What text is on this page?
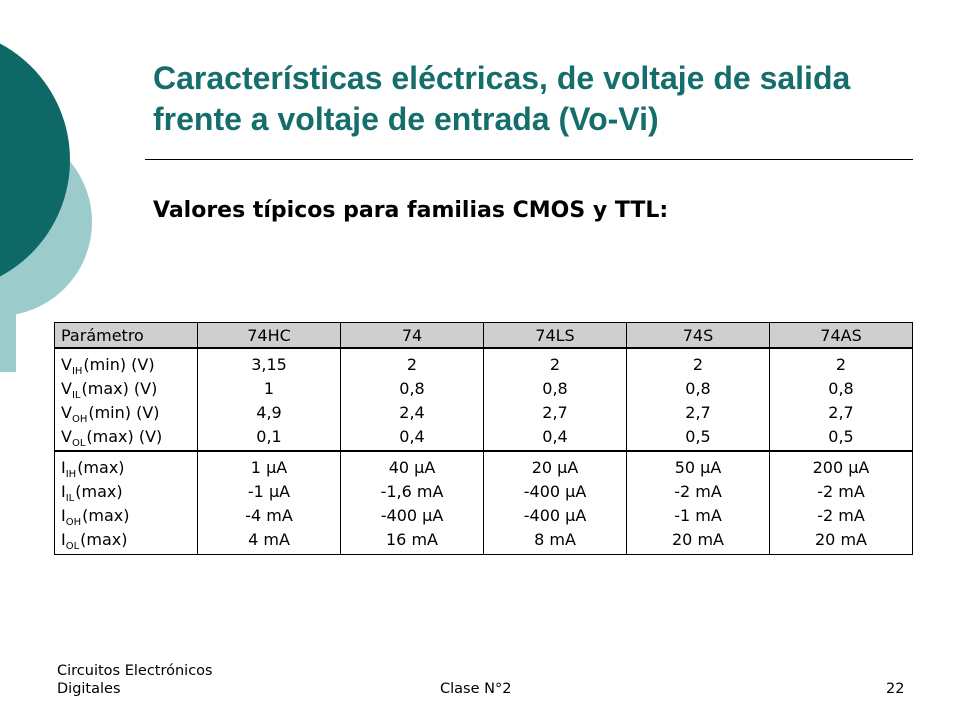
Características eléctricas, de voltaje de salida frente a voltaje de entrada (Vo-Vi)
Valores típicos para familias CMOS y TTL:
Parámetro	74HC	74	74LS	74S	74AS
$V_{IH}(\min)$ (V)	3,15	2	2	2	2
$V_{IL}(\max)$ (V)	1	0,8	0,8	0,8	0,8
$V_{OH}(\min)$ (V)	4,9	2,4	2,7	2,7	2,7
$V_{OL}(\max)$ (V)	0,1	0,4	0,4	0,5	0,5
$I_{IH}(\max)$	1 µA	40 µA	20 µA	50 µA	200 µA
$I_{IL}(\max)$	-1 µA	-1,6 mA	-400 µA	-2 mA	-2 mA
$I_{OH}(\max)$	-4 mA	-400 µA	-400 µA	-1 mA	-2 mA
$I_{OL}(\max)$	4 mA	16 mA	8 mA	20 mA	20 mA
Circuitos Electrónicos Digitales	Clase N°2	22
